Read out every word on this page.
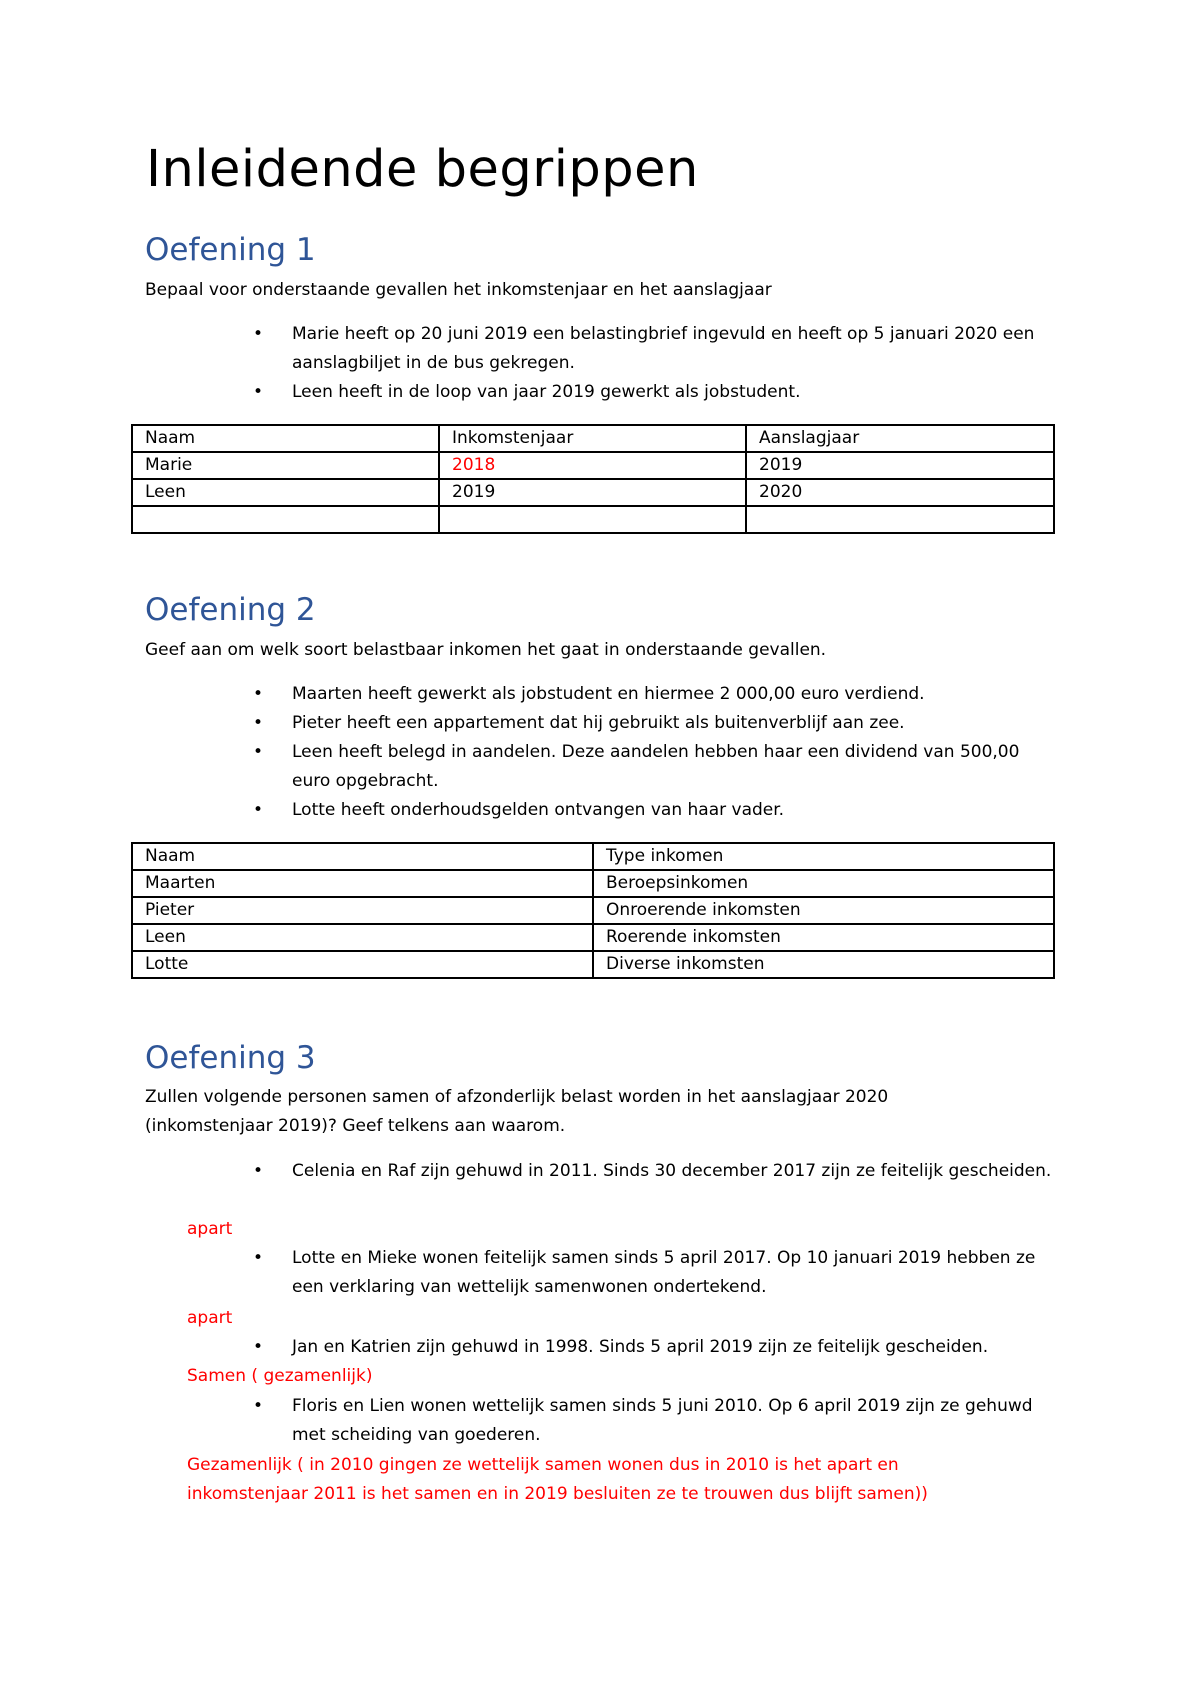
Inleidende begrippen
Oefening 1

Bepaal voor onderstaande gevallen het inkomstenjaar en het aanslagjaar

• Marie heeft op 20 juni 2019 een belastingbrief ingevuld en heeft op 5 januari 2020 een aanslagbiljet in de bus gekregen.
• Leen heeft in de loop van jaar 2019 gewerkt als jobstudent.
Naam	Inkomstenjaar	Aanslagjaar
Marie	2018	2019
Leen	2019	2020

Oefening 2

Geef aan om welk soort belastbaar inkomen het gaat in onderstaande gevallen.

• Maarten heeft gewerkt als jobstudent en hiermee 2 000,00 euro verdiend.
• Pieter heeft een appartement dat hij gebruikt als buitenverblijf aan zee.
• Leen heeft belegd in aandelen. Deze aandelen hebben haar een dividend van 500,00 euro opgebracht.
• Lotte heeft onderhoudsgelden ontvangen van haar vader.
Naam	Type inkomen
Maarten	Beroepsinkomen
Pieter	Onroerende inkomsten
Leen	Roerende inkomsten
Lotte	Diverse inkomsten
Oefening 3

Zullen volgende personen samen of afzonderlijk belast worden in het aanslagjaar 2020 (inkomstenjaar 2019)? Geef telkens aan waarom.

• Celenia en Raf zijn gehuwd in 2011. Sinds 30 december 2017 zijn ze feitelijk gescheiden.

apart

• Lotte en Mieke wonen feitelijk samen sinds 5 april 2017. Op 10 januari 2019 hebben ze een verklaring van wettelijk samenwonen ondertekend.

apart

• Jan en Katrien zijn gehuwd in 1998. Sinds 5 april 2019 zijn ze feitelijk gescheiden.

Samen ( gezamenlijk)

• Floris en Lien wonen wettelijk samen sinds 5 juni 2010. Op 6 april 2019 zijn ze gehuwd met scheiding van goederen.

Gezamenlijk ( in 2010 gingen ze wettelijk samen wonen dus in 2010 is het apart en inkomstenjaar 2011 is het samen en in 2019 besluiten ze te trouwen dus blijft samen))
